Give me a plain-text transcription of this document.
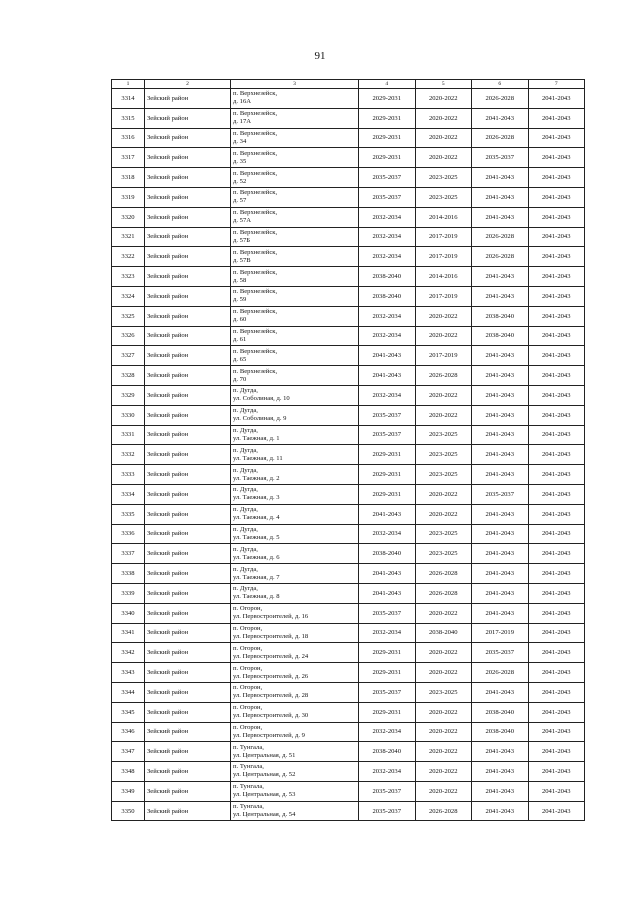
91
1	2	3	4	5	6	7
3314	Зейский район	п. Верхнезейск,
д. 16А	2029-2031	2020-2022	2026-2028	2041-2043
3315	Зейский район	п. Верхнезейск,
д. 17А	2029-2031	2020-2022	2041-2043	2041-2043
3316	Зейский район	п. Верхнезейск,
д. 34	2029-2031	2020-2022	2026-2028	2041-2043
3317	Зейский район	п. Верхнезейск,
д. 35	2029-2031	2020-2022	2035-2037	2041-2043
3318	Зейский район	п. Верхнезейск,
д. 52	2035-2037	2023-2025	2041-2043	2041-2043
3319	Зейский район	п. Верхнезейск,
д. 57	2035-2037	2023-2025	2041-2043	2041-2043
3320	Зейский район	п. Верхнезейск,
д. 57А	2032-2034	2014-2016	2041-2043	2041-2043
3321	Зейский район	п. Верхнезейск,
д. 57Б	2032-2034	2017-2019	2026-2028	2041-2043
3322	Зейский район	п. Верхнезейск,
д. 57В	2032-2034	2017-2019	2026-2028	2041-2043
3323	Зейский район	п. Верхнезейск,
д. 58	2038-2040	2014-2016	2041-2043	2041-2043
3324	Зейский район	п. Верхнезейск,
д. 59	2038-2040	2017-2019	2041-2043	2041-2043
3325	Зейский район	п. Верхнезейск,
д. 60	2032-2034	2020-2022	2038-2040	2041-2043
3326	Зейский район	п. Верхнезейск,
д. 61	2032-2034	2020-2022	2038-2040	2041-2043
3327	Зейский район	п. Верхнезейск,
д. 65	2041-2043	2017-2019	2041-2043	2041-2043
3328	Зейский район	п. Верхнезейск,
д. 70	2041-2043	2026-2028	2041-2043	2041-2043
3329	Зейский район	п. Дугда,
ул. Соболиная, д. 10	2032-2034	2020-2022	2041-2043	2041-2043
3330	Зейский район	п. Дугда,
ул. Соболиная, д. 9	2035-2037	2020-2022	2041-2043	2041-2043
3331	Зейский район	п. Дугда,
ул. Таежная, д. 1	2035-2037	2023-2025	2041-2043	2041-2043
3332	Зейский район	п. Дугда,
ул. Таежная, д. 11	2029-2031	2023-2025	2041-2043	2041-2043
3333	Зейский район	п. Дугда,
ул. Таежная, д. 2	2029-2031	2023-2025	2041-2043	2041-2043
3334	Зейский район	п. Дугда,
ул. Таежная, д. 3	2029-2031	2020-2022	2035-2037	2041-2043
3335	Зейский район	п. Дугда,
ул. Таежная, д. 4	2041-2043	2020-2022	2041-2043	2041-2043
3336	Зейский район	п. Дугда,
ул. Таежная, д. 5	2032-2034	2023-2025	2041-2043	2041-2043
3337	Зейский район	п. Дугда,
ул. Таежная, д. 6	2038-2040	2023-2025	2041-2043	2041-2043
3338	Зейский район	п. Дугда,
ул. Таежная, д. 7	2041-2043	2026-2028	2041-2043	2041-2043
3339	Зейский район	п. Дугда,
ул. Таежная, д. 8	2041-2043	2026-2028	2041-2043	2041-2043
3340	Зейский район	п. Огорон,
ул. Первостроителей, д. 16	2035-2037	2020-2022	2041-2043	2041-2043
3341	Зейский район	п. Огорон,
ул. Первостроителей, д. 18	2032-2034	2038-2040	2017-2019	2041-2043
3342	Зейский район	п. Огорон,
ул. Первостроителей, д. 24	2029-2031	2020-2022	2035-2037	2041-2043
3343	Зейский район	п. Огорон,
ул. Первостроителей, д. 26	2029-2031	2020-2022	2026-2028	2041-2043
3344	Зейский район	п. Огорон,
ул. Первостроителей, д. 28	2035-2037	2023-2025	2041-2043	2041-2043
3345	Зейский район	п. Огорон,
ул. Первостроителей, д. 30	2029-2031	2020-2022	2038-2040	2041-2043
3346	Зейский район	п. Огорон,
ул. Первостроителей, д. 9	2032-2034	2020-2022	2038-2040	2041-2043
3347	Зейский район	п. Тунгала,
ул. Центральная, д. 51	2038-2040	2020-2022	2041-2043	2041-2043
3348	Зейский район	п. Тунгала,
ул. Центральная, д. 52	2032-2034	2020-2022	2041-2043	2041-2043
3349	Зейский район	п. Тунгала,
ул. Центральная, д. 53	2035-2037	2020-2022	2041-2043	2041-2043
3350	Зейский район	п. Тунгала,
ул. Центральная, д. 54	2035-2037	2026-2028	2041-2043	2041-2043
